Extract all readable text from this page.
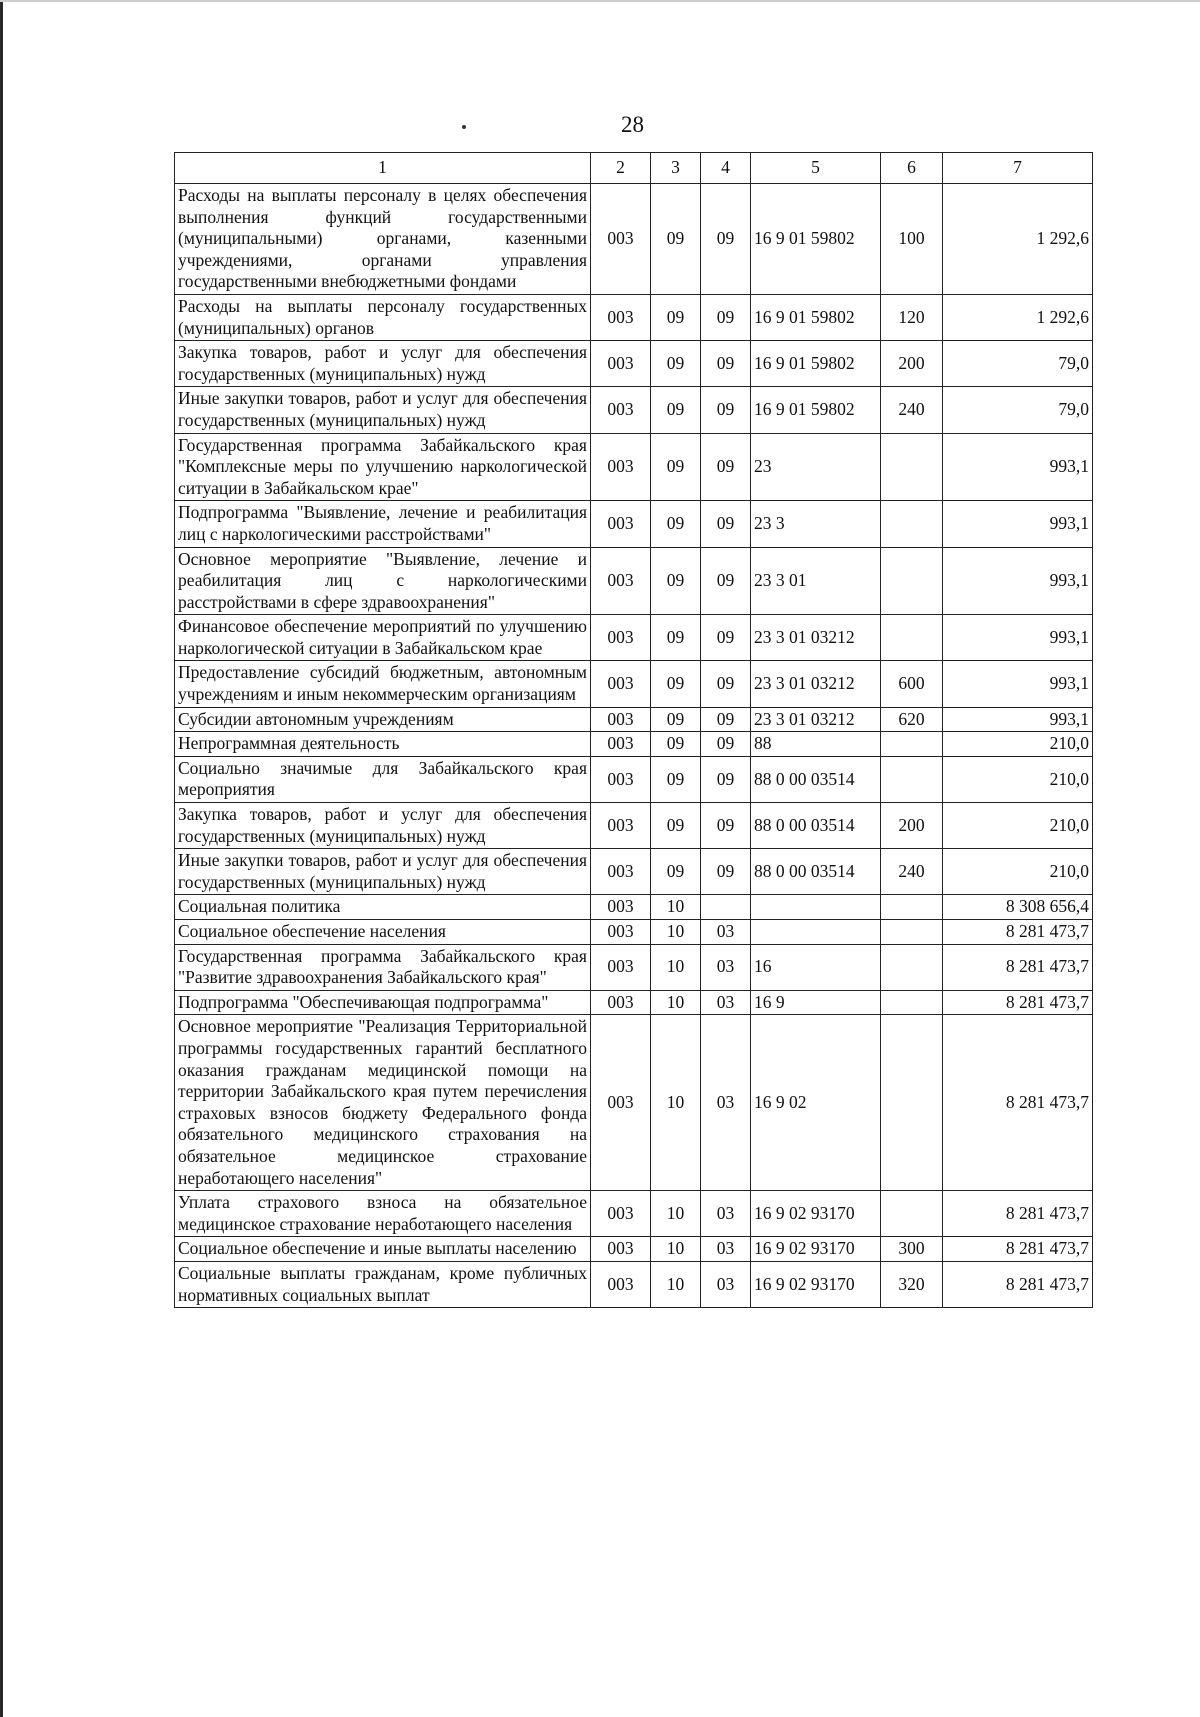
28
1	2	3	4	5	6	7
Расходы на выплаты персоналу в целях обеспечения выполнения функций государственными (муниципальными) органами, казенными учреждениями, органами управления государственными внебюджетными фондами	003	09	09	16 9 01 59802	100	1 292,6
Расходы на выплаты персоналу государственных (муниципальных) органов	003	09	09	16 9 01 59802	120	1 292,6
Закупка товаров, работ и услуг для обеспечения государственных (муниципальных) нужд	003	09	09	16 9 01 59802	200	79,0
Иные закупки товаров, работ и услуг для обеспечения государственных (муниципальных) нужд	003	09	09	16 9 01 59802	240	79,0
Государственная программа Забайкальского края "Комплексные меры по улучшению наркологической ситуации в Забайкальском крае"	003	09	09	23		993,1
Подпрограмма "Выявление, лечение и реабилитация лиц с наркологическими расстройствами"	003	09	09	23 3		993,1
Основное мероприятие "Выявление, лечение и реабилитация лиц с наркологическими расстройствами в сфере здравоохранения"	003	09	09	23 3 01		993,1
Финансовое обеспечение мероприятий по улучшению наркологической ситуации в Забайкальском крае	003	09	09	23 3 01 03212		993,1
Предоставление субсидий бюджетным, автономным учреждениям и иным некоммерческим организациям	003	09	09	23 3 01 03212	600	993,1
Субсидии автономным учреждениям	003	09	09	23 3 01 03212	620	993,1
Непрограммная деятельность	003	09	09	88		210,0
Социально значимые для Забайкальского края мероприятия	003	09	09	88 0 00 03514		210,0
Закупка товаров, работ и услуг для обеспечения государственных (муниципальных) нужд	003	09	09	88 0 00 03514	200	210,0
Иные закупки товаров, работ и услуг для обеспечения государственных (муниципальных) нужд	003	09	09	88 0 00 03514	240	210,0
Социальная политика	003	10				8 308 656,4
Социальное обеспечение населения	003	10	03			8 281 473,7
Государственная программа Забайкальского края "Развитие здравоохранения Забайкальского края"	003	10	03	16		8 281 473,7
Подпрограмма "Обеспечивающая подпрограмма"	003	10	03	16 9		8 281 473,7
Основное мероприятие "Реализация Территориальной программы государственных гарантий бесплатного оказания гражданам медицинской помощи на территории Забайкальского края путем перечисления страховых взносов бюджету Федерального фонда обязательного медицинского страхования на обязательное медицинское страхование неработающего населения"	003	10	03	16 9 02		8 281 473,7
Уплата страхового взноса на обязательное медицинское страхование неработающего населения	003	10	03	16 9 02 93170		8 281 473,7
Социальное обеспечение и иные выплаты населению	003	10	03	16 9 02 93170	300	8 281 473,7
Социальные выплаты гражданам, кроме публичных нормативных социальных выплат	003	10	03	16 9 02 93170	320	8 281 473,7
